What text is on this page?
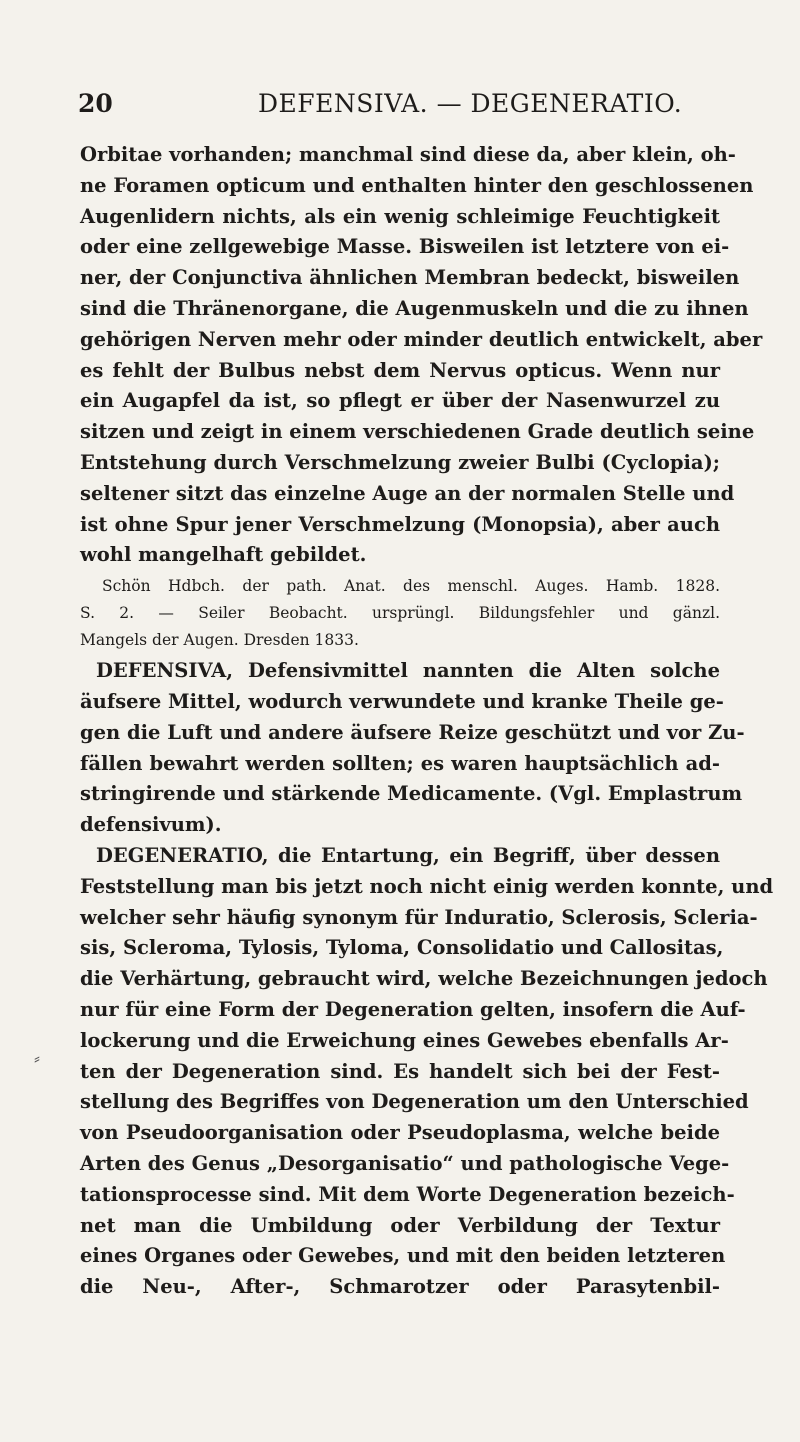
20	DEFENSIVA. — DEGENERATIO.
Orbitae vorhanden; manchmal sind diese da, aber klein, oh-
ne Foramen opticum und enthalten hinter den geschlossenen
Augenlidern nichts, als ein wenig schleimige Feuchtigkeit
oder eine zellgewebige Masse. Bisweilen ist letztere von ei-
ner, der Conjunctiva ähnlichen Membran bedeckt, bisweilen
sind die Thränenorgane, die Augenmuskeln und die zu ihnen
gehörigen Nerven mehr oder minder deutlich entwickelt, aber
es fehlt der Bulbus nebst dem Nervus opticus. Wenn nur
ein Augapfel da ist, so pflegt er über der Nasenwurzel zu
sitzen und zeigt in einem verschiedenen Grade deutlich seine
Entstehung durch Verschmelzung zweier Bulbi (Cyclopia);
seltener sitzt das einzelne Auge an der normalen Stelle und
ist ohne Spur jener Verschmelzung (Monopsia), aber auch
wohl mangelhaft gebildet.
Schön Hdbch. der path. Anat. des menschl. Auges. Hamb. 1828.
S. 2. — Seiler Beobacht. ursprüngl. Bildungsfehler und gänzl.
Mangels der Augen. Dresden 1833.
DEFENSIVA, Defensivmittel nannten die Alten solche
äufsere Mittel, wodurch verwundete und kranke Theile ge-
gen die Luft und andere äufsere Reize geschützt und vor Zu-
fällen bewahrt werden sollten; es waren hauptsächlich ad-
stringirende und stärkende Medicamente. (Vgl. Emplastrum
defensivum).
DEGENERATIO, die Entartung, ein Begriff, über dessen
Feststellung man bis jetzt noch nicht einig werden konnte, und
welcher sehr häufig synonym für Induratio, Sclerosis, Scleria-
sis, Scleroma, Tylosis, Tyloma, Consolidatio und Callositas,
die Verhärtung, gebraucht wird, welche Bezeichnungen jedoch
nur für eine Form der Degeneration gelten, insofern die Auf-
lockerung und die Erweichung eines Gewebes ebenfalls Ar-
ten der Degeneration sind. Es handelt sich bei der Fest-
stellung des Begriffes von Degeneration um den Unterschied
von Pseudoorganisation oder Pseudoplasma, welche beide
Arten des Genus „Desorganisatio“ und pathologische Vege-
tationsprocesse sind. Mit dem Worte Degeneration bezeich-
net man die Umbildung oder Verbildung der Textur
eines Organes oder Gewebes, und mit den beiden letzteren
die Neu-, After-, Schmarotzer oder Parasytenbil-
⸗
